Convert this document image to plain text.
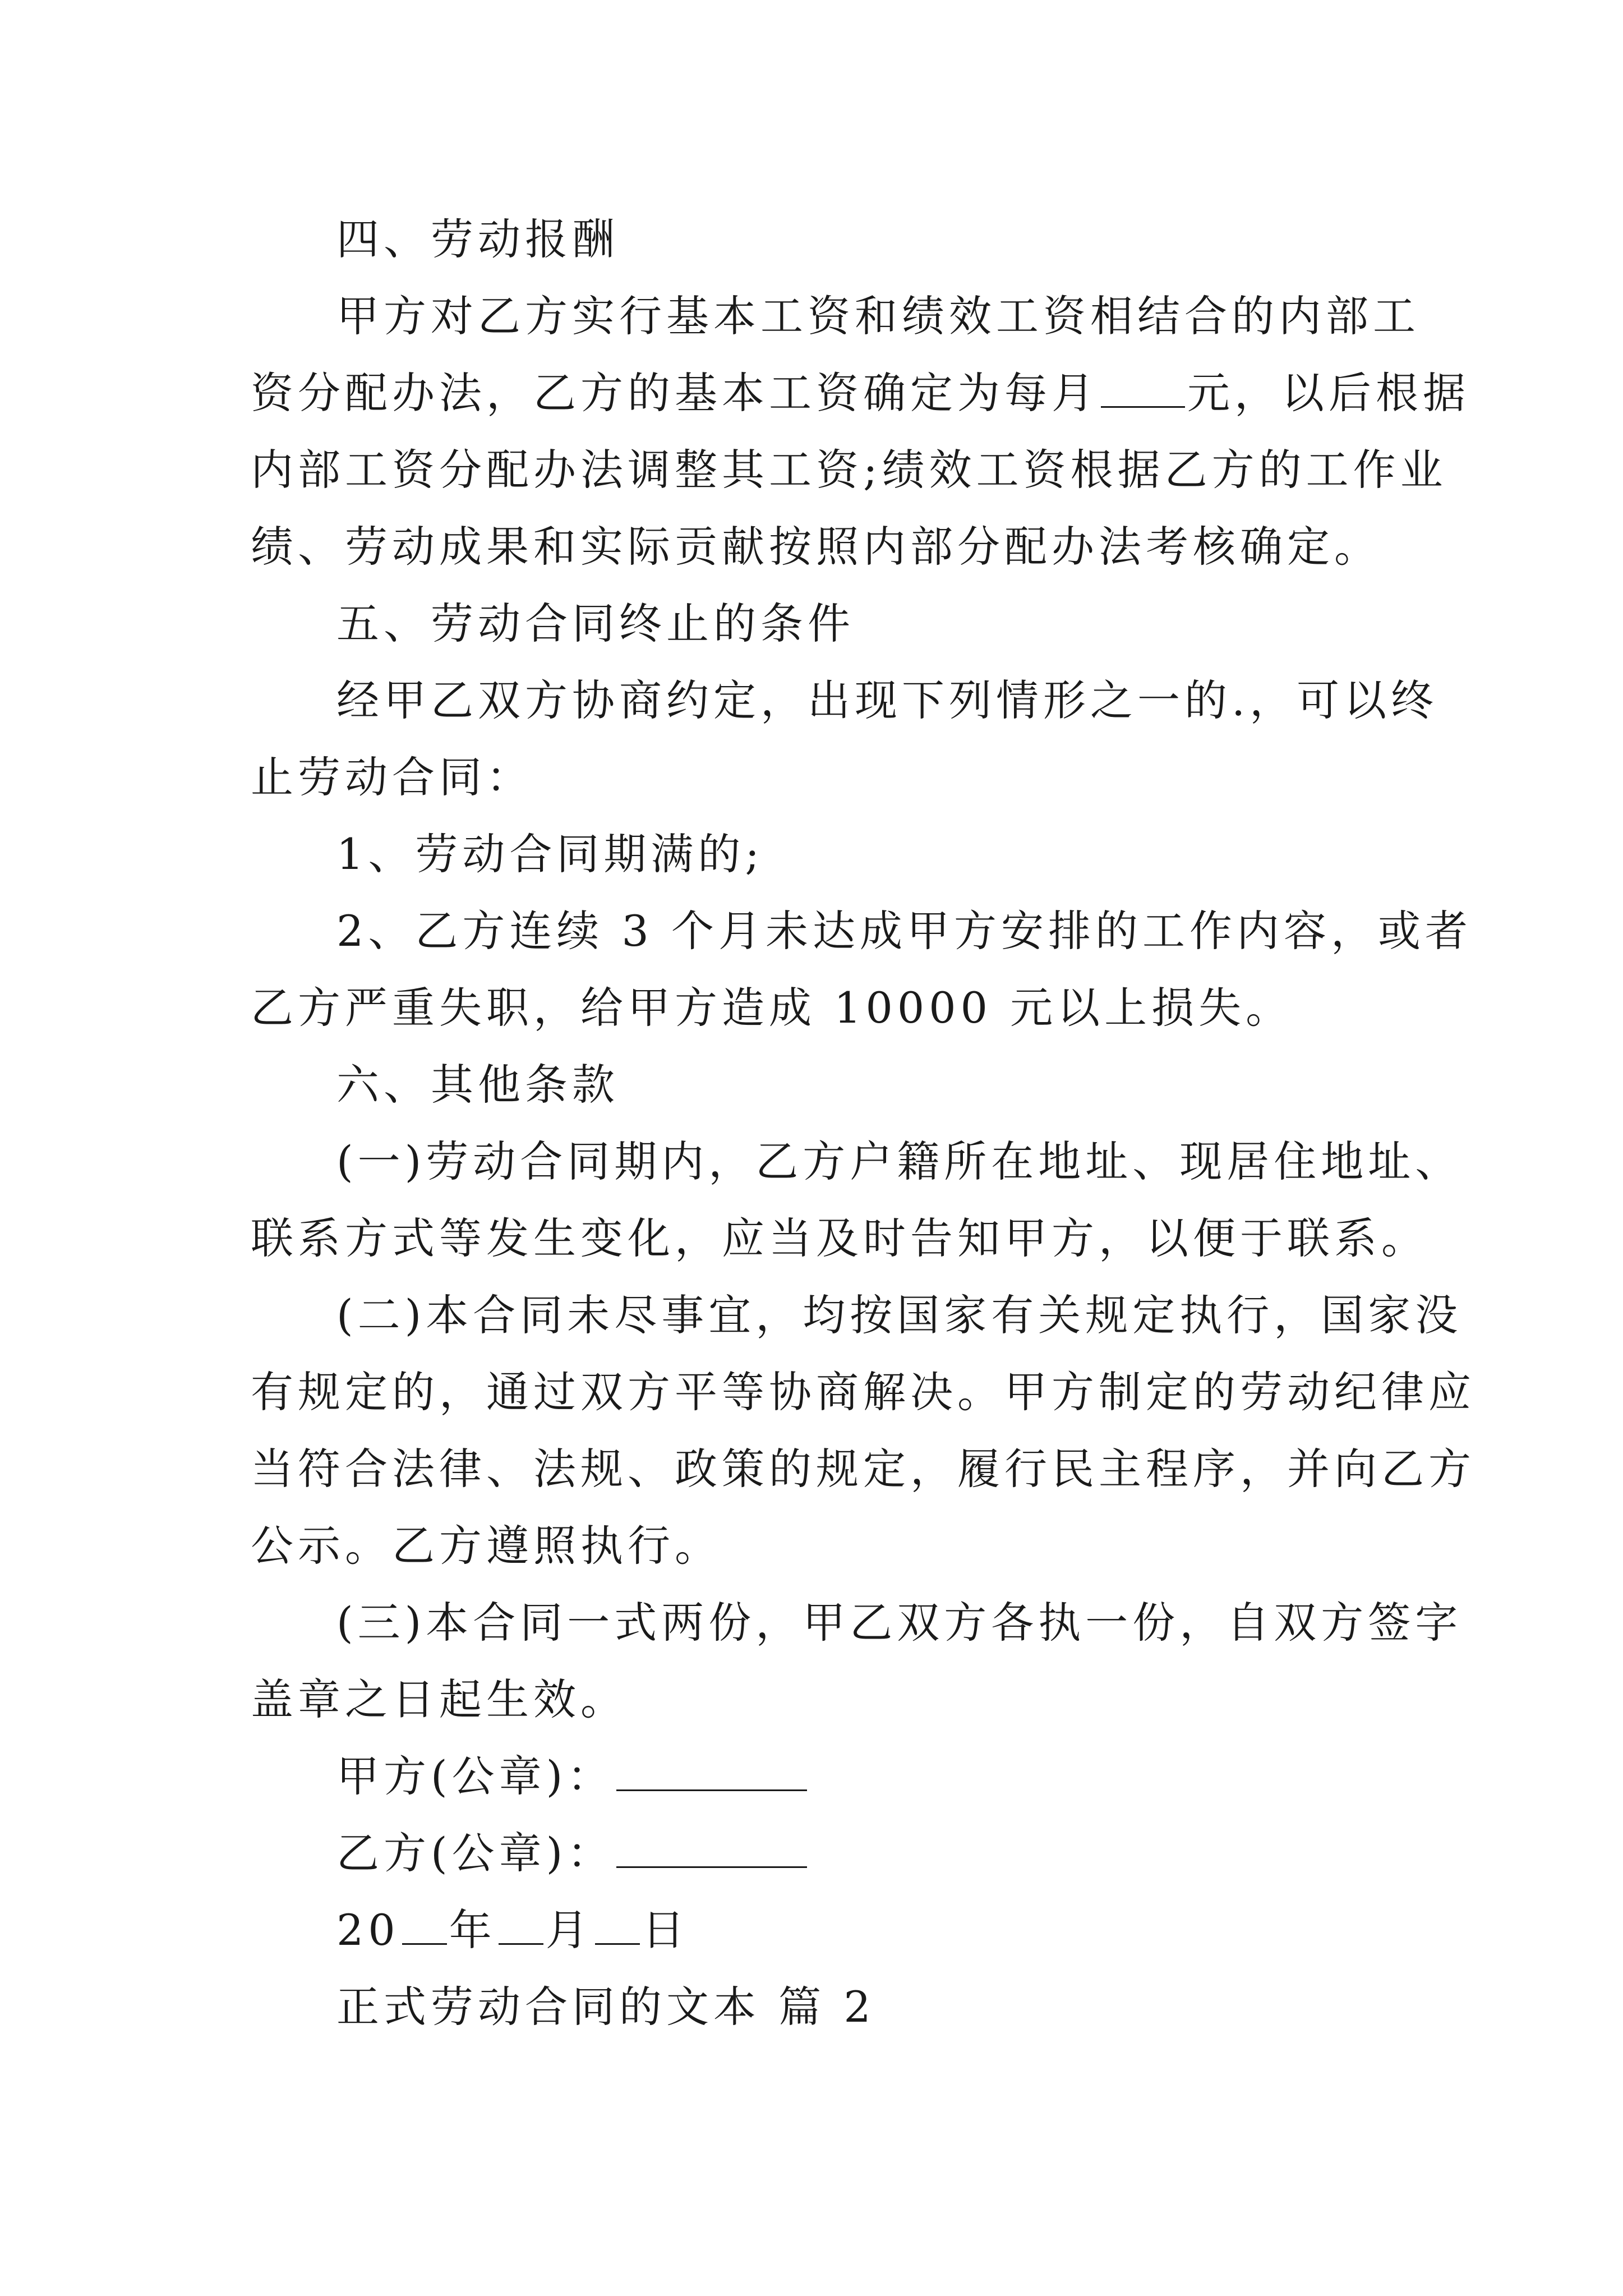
四、劳动报酬
甲方对乙方实行基本工资和绩效工资相结合的内部工
资分配办法，乙方的基本工资确定为每月 元，以后根据
内部工资分配办法调整其工资;绩效工资根据乙方的工作业
绩、劳动成果和实际贡献按照内部分配办法考核确定。
五、劳动合同终止的条件
经甲乙双方协商约定，出现下列情形之一的.，可以终
止劳动合同：
1、劳动合同期满的;
2、乙方连续 3 个月未达成甲方安排的工作内容，或者
乙方严重失职，给甲方造成 10000 元以上损失。
六、其他条款
(一)劳动合同期内，乙方户籍所在地址、现居住地址、
联系方式等发生变化，应当及时告知甲方，以便于联系。
(二)本合同未尽事宜，均按国家有关规定执行，国家没
有规定的，通过双方平等协商解决。甲方制定的劳动纪律应
当符合法律、法规、政策的规定，履行民主程序，并向乙方
公示。乙方遵照执行。
(三)本合同一式两份，甲乙双方各执一份，自双方签字
盖章之日起生效。
甲方(公章)：
乙方(公章)：
20 年 月 日
正式劳动合同的文本 篇 2
